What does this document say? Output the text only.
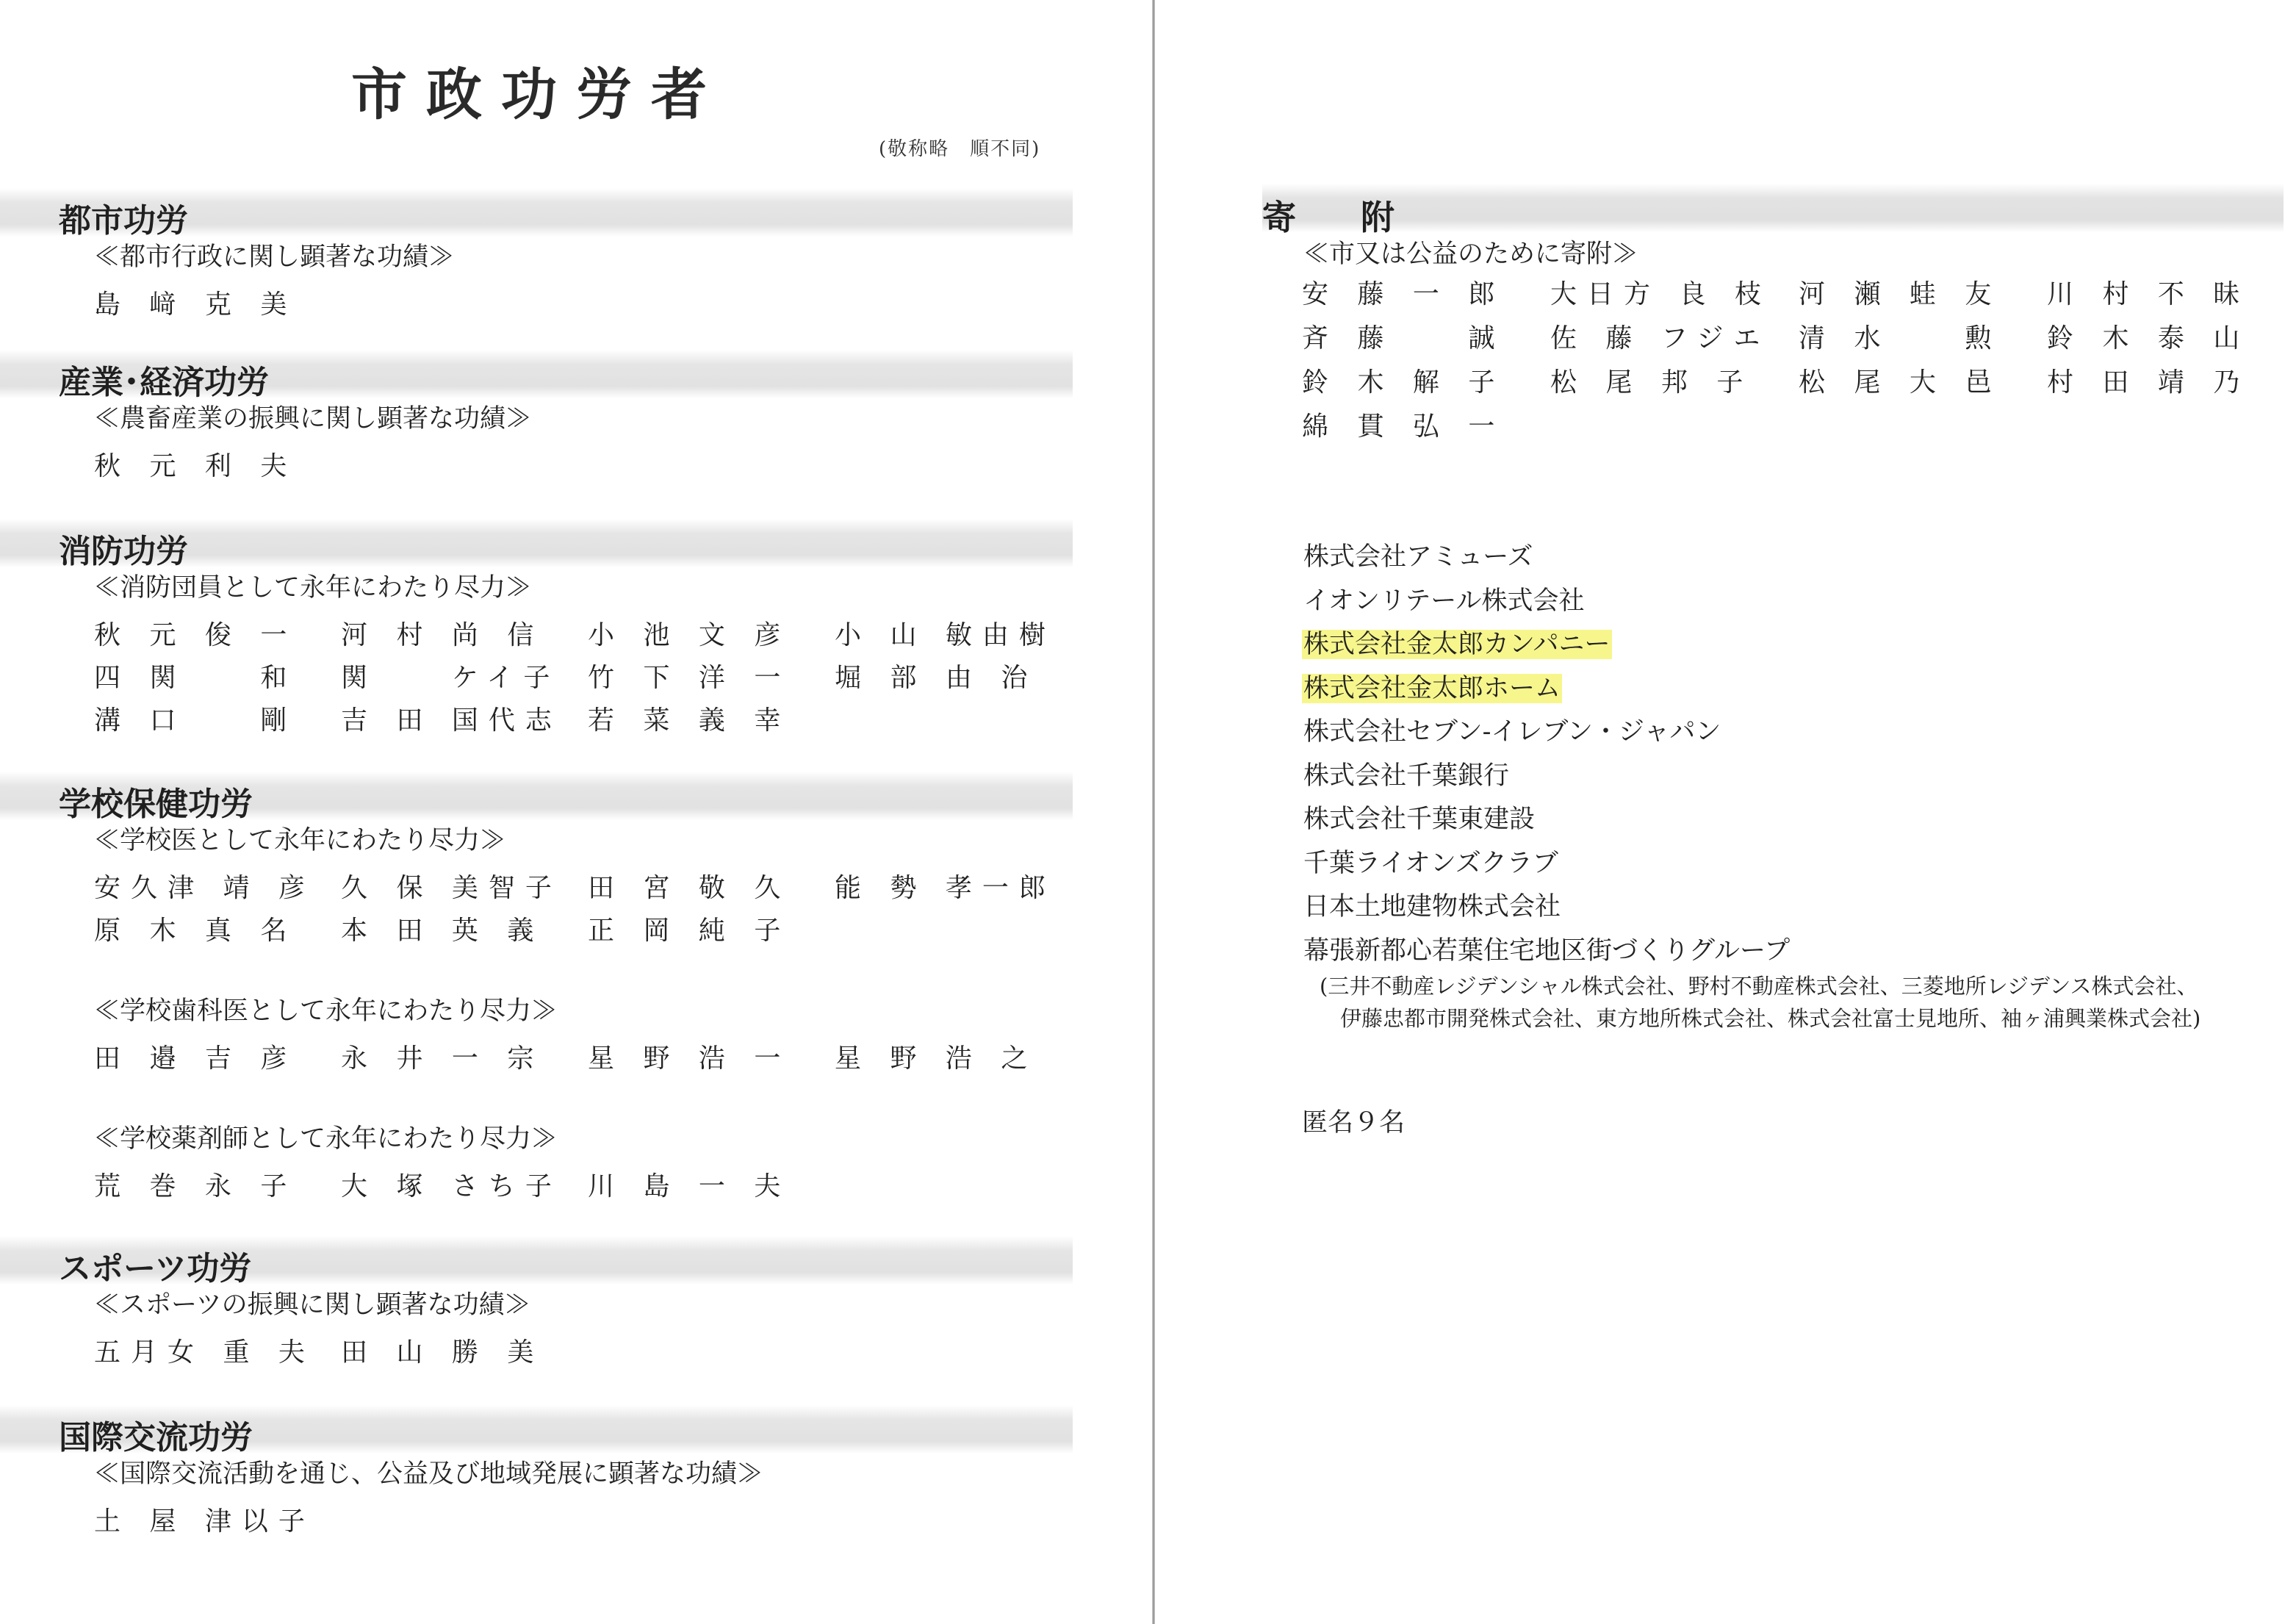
市政功労者
(敬称略　順不同)
都市功労
≪都市行政に関し顕著な功績≫
島 﨑 克 美
産業･経済功労
≪農畜産業の振興に関し顕著な功績≫
秋 元 利 夫
消防功労
≪消防団員として永年にわたり尽力≫
秋 元 俊 一 河 村 尚 信 小 池 文 彦 小 山 敏由樹
四 関 　 和 関 　 ケイ子 竹 下 洋 一 堀 部 由 治
溝 口 　 剛 吉 田 国代志 若 菜 義 幸
学校保健功労
≪学校医として永年にわたり尽力≫
安久津 靖 彦 久 保 美智子 田 宮 敬 久 能 勢 孝一郎
原 木 真 名 本 田 英 義 正 岡 純 子
≪学校歯科医として永年にわたり尽力≫
田 邉 吉 彦 永 井 一 宗 星 野 浩 一 星 野 浩 之
≪学校薬剤師として永年にわたり尽力≫
荒 巻 永 子 大 塚 さち子 川 島 一 夫
スポーツ功労
≪スポーツの振興に関し顕著な功績≫
五月女 重 夫 田 山 勝 美
国際交流功労
≪国際交流活動を通じ、公益及び地域発展に顕著な功績≫
土 屋 津以子
寄附
≪市又は公益のために寄附≫
安 藤 一 郎 大日方 良 枝 河 瀬 蛙 友 川 村 不 昧
斉 藤 　 誠 佐 藤 フジエ 清 水 　 勲 鈴 木 泰 山
鈴 木 解 子 松 尾 邦 子 松 尾 大 邑 村 田 靖 乃
綿 貫 弘 一
株式会社アミューズ
イオンリテール株式会社
株式会社金太郎カンパニー
株式会社金太郎ホーム
株式会社セブン‐イレブン・ジャパン
株式会社千葉銀行
株式会社千葉東建設
千葉ライオンズクラブ
日本土地建物株式会社
幕張新都心若葉住宅地区街づくりグループ
(三井不動産レジデンシャル株式会社、野村不動産株式会社、三菱地所レジデンス株式会社、
伊藤忠都市開発株式会社、東方地所株式会社、株式会社富士見地所、袖ヶ浦興業株式会社)
匿名９名
